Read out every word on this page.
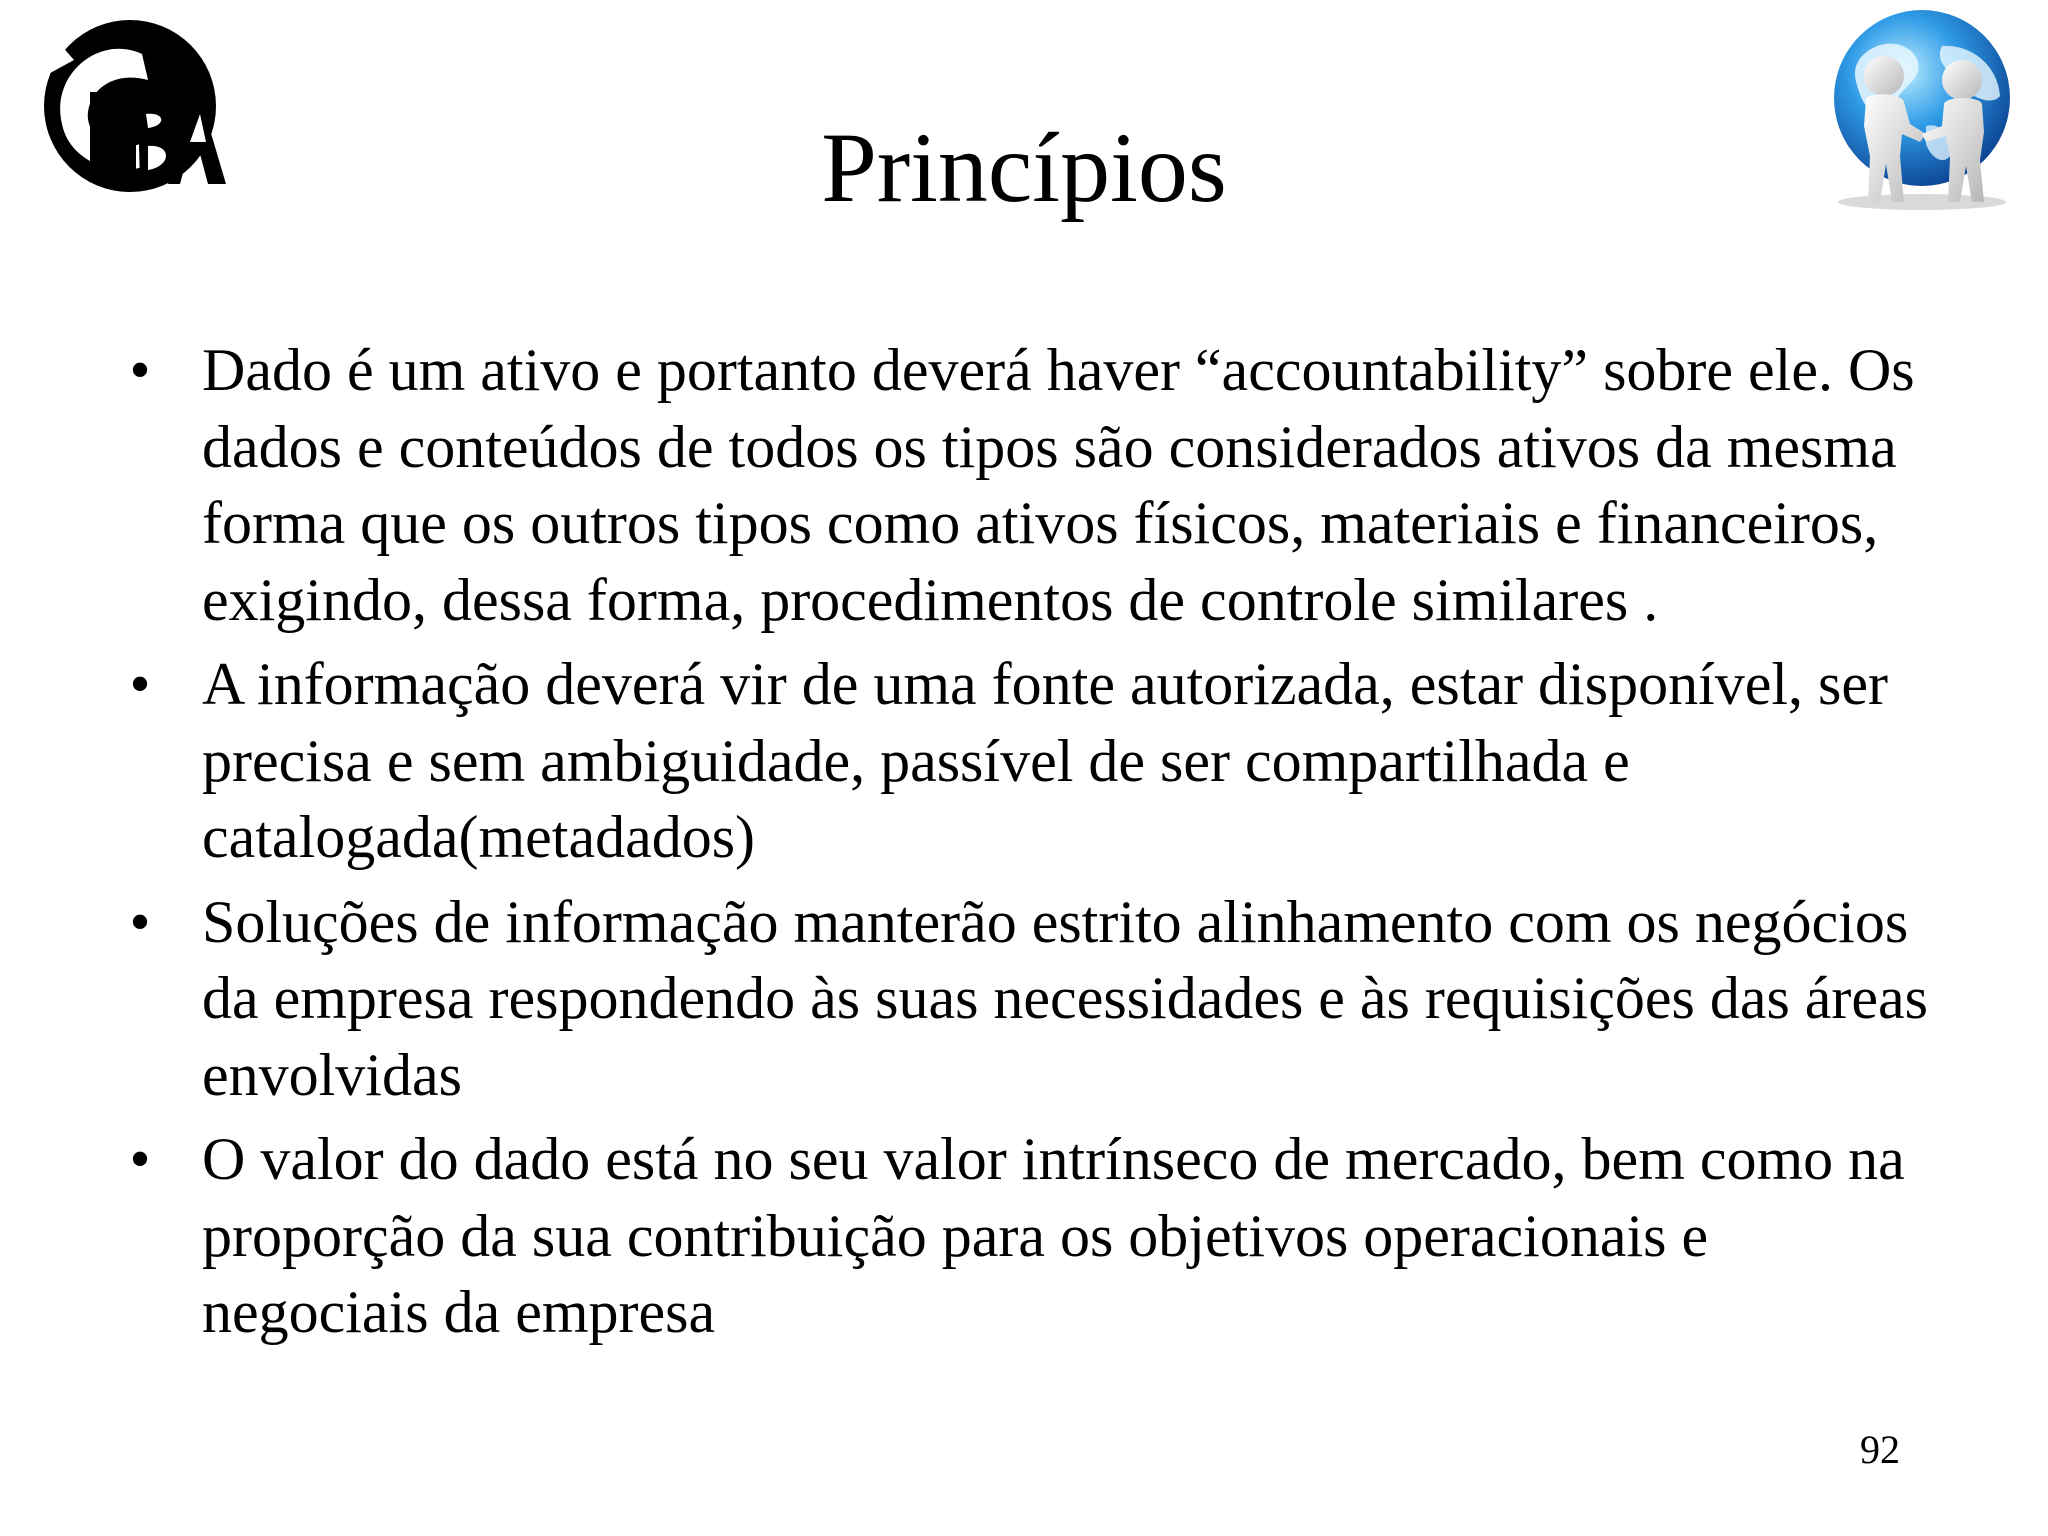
Princípios
• Dado é um ativo e portanto deverá haver “accountability” sobre ele. Os dados e conteúdos de todos os tipos são considerados ativos da mesma forma que os outros tipos como ativos físicos, materiais e financeiros, exigindo, dessa forma, procedimentos de controle similares .
• A informação deverá vir de uma fonte autorizada, estar disponível, ser precisa e sem ambiguidade, passível de ser compartilhada e catalogada(metadados)
• Soluções de informação manterão estrito alinhamento com os negócios da empresa respondendo às suas necessidades e às requisições das áreas envolvidas
• O valor do dado está no seu valor intrínseco de mercado, bem como na proporção da sua contribuição para os objetivos operacionais e negociais da empresa
92
